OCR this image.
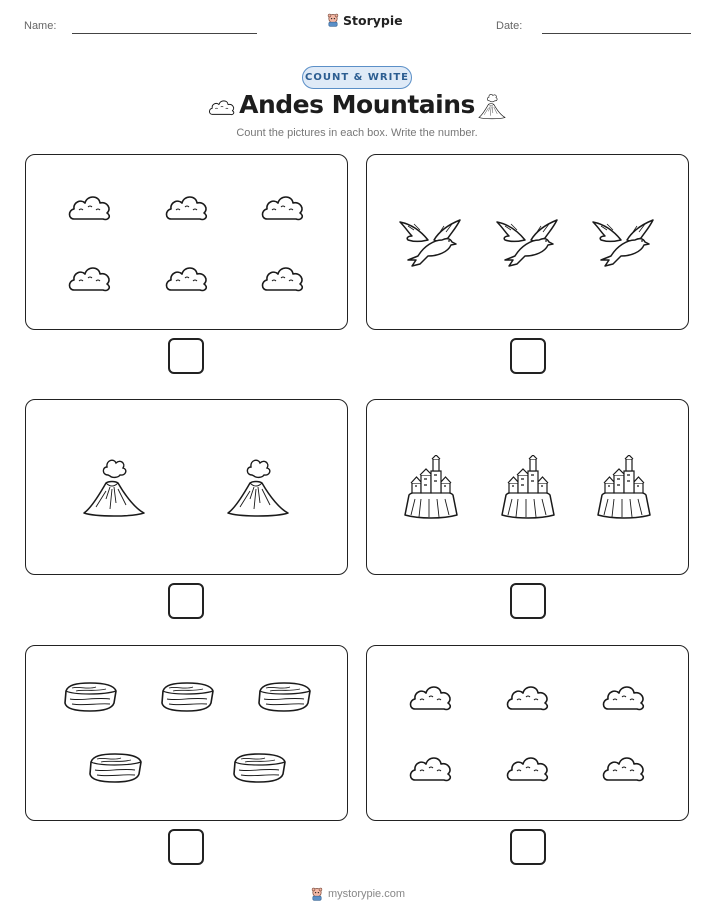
Name:	Storypie	Date:
COUNT & WRITE
Andes Mountains
Count the pictures in each box. Write the number.
mystorypie.com
